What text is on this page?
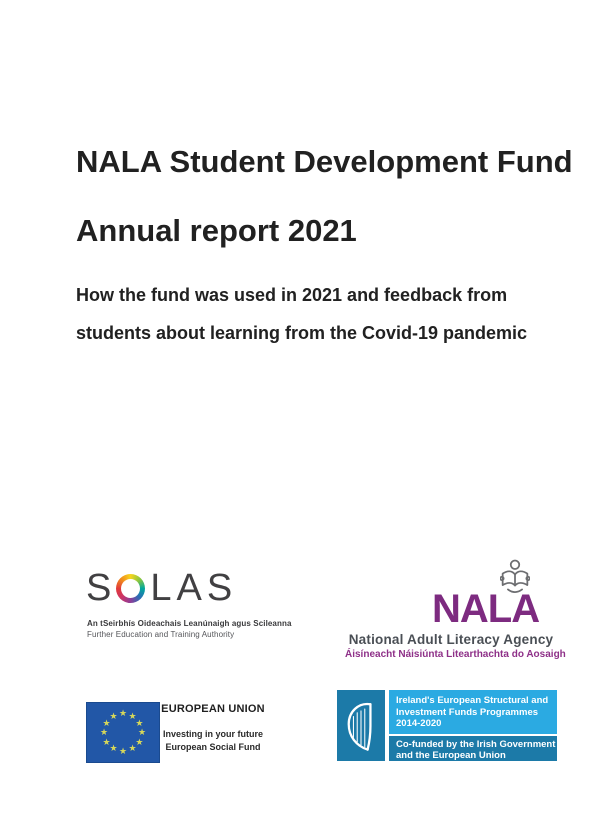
NALA Student Development Fund
Annual report 2021
How the fund was used in 2021 and feedback from
students about learning from the Covid-19 pandemic
S L A S
An tSeirbhís Oideachais Leanúnaigh agus Scileanna
Further Education and Training Authority
NALA
National Adult Literacy Agency
Áisíneacht Náisiúnta Litearthachta do Aosaigh
★ ★
★
★
★
★
★
★
★
★
★
★
EUROPEAN UNION
Investing in your future
European Social Fund
Ireland's European Structural and
Investment Funds Programmes
2014-2020
Co-funded by the Irish Government
and the European Union
